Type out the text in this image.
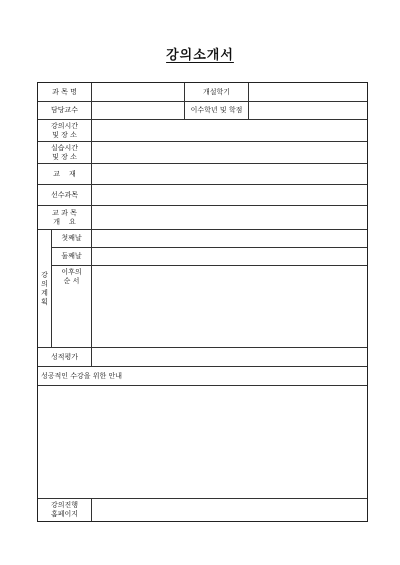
강의소개서
과 목 명	개설학기
담당교수	이수학년 및 학점
강의시간
및 장 소
실습시간
및 장 소
교    재
선수과목
교 과 목
개    요
강
의
계
획
첫째날
둘째날
이후의
순 서
성적평가
성공적인 수강을 위한 안내
강의진행
홈페이지
